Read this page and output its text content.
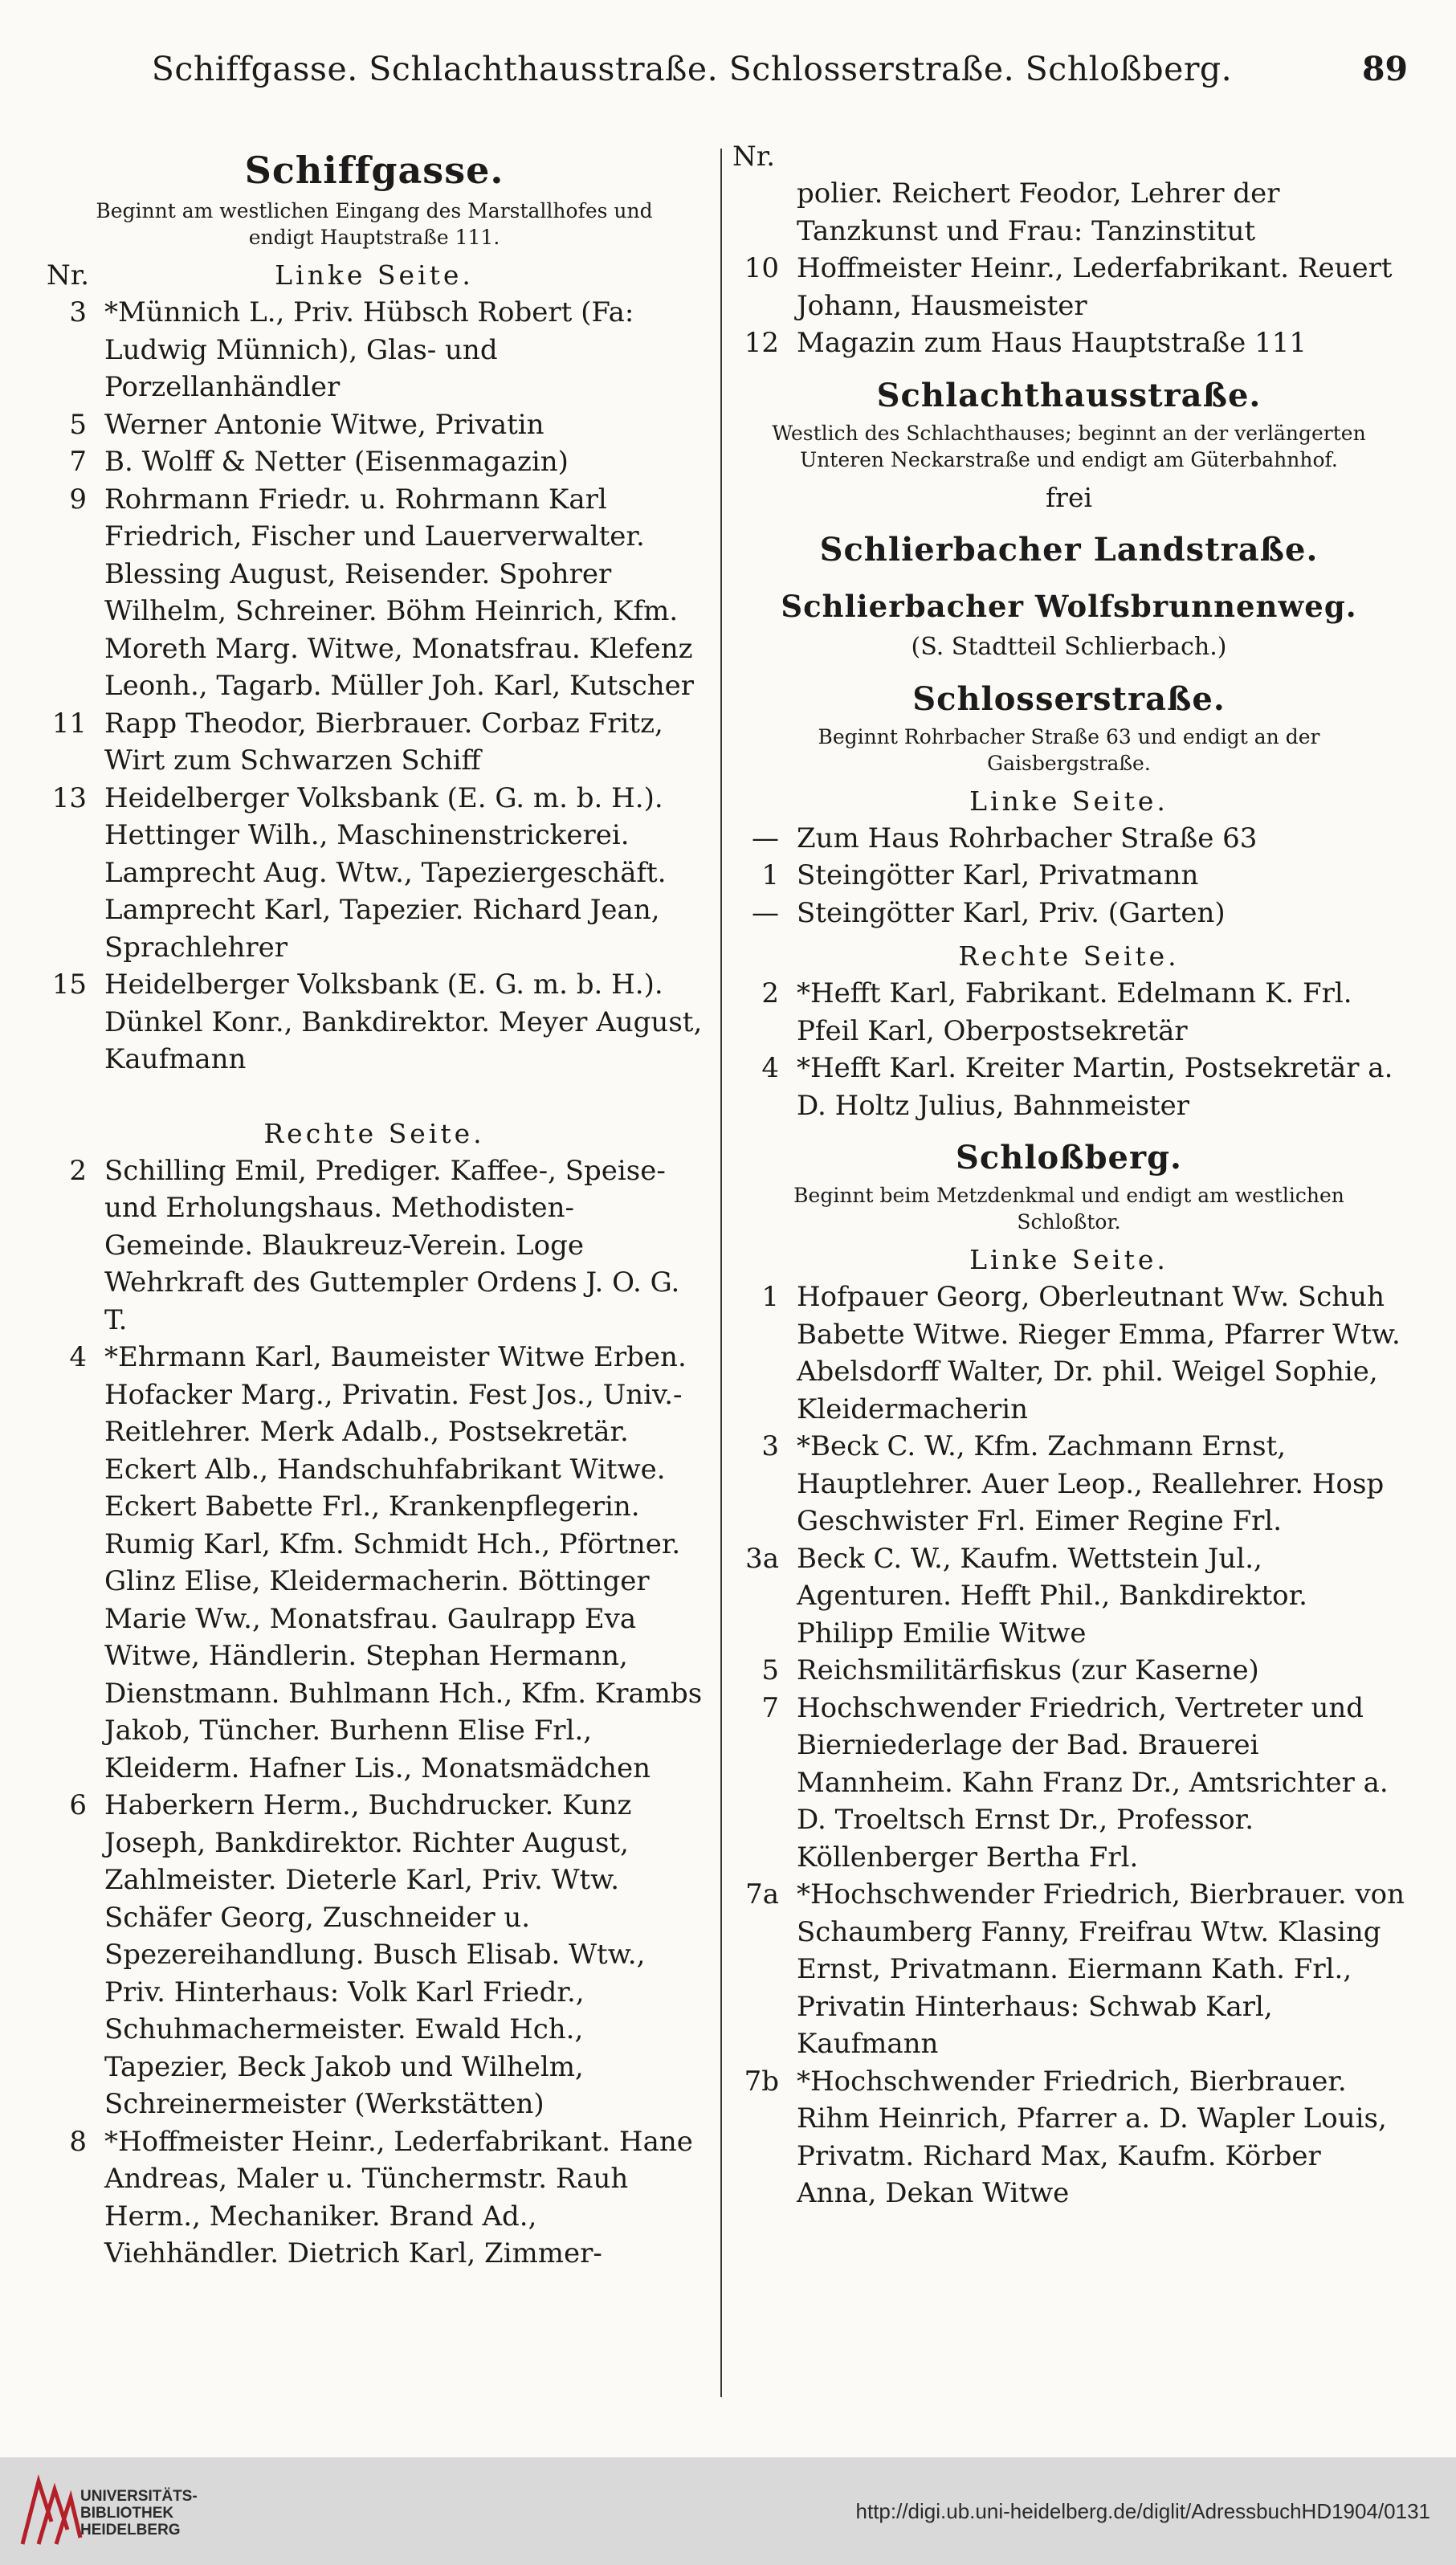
Schiffgasse. Schlachthausstraße. Schlosserstraße. Schloßberg.	89
Schiffgasse.

Beginnt am westlichen Eingang des Marstallhofes und endigt Hauptstraße 111.

Nr.	Linke Seite.
3 *Münnich L., Priv. Hübsch Robert (Fa: Ludwig Münnich), Glas- und Porzellanhändler
5 Werner Antonie Witwe, Privatin
7 B. Wolff & Netter (Eisenmagazin)
9 Rohrmann Friedr. u. Rohrmann Karl Friedrich, Fischer und Lauerverwalter. Blessing August, Reisender. Spohrer Wilhelm, Schreiner. Böhm Heinrich, Kfm. Moreth Marg. Witwe, Monatsfrau. Klefenz Leonh., Tagarb. Müller Joh. Karl, Kutscher
11 Rapp Theodor, Bierbrauer. Corbaz Fritz, Wirt zum Schwarzen Schiff
13 Heidelberger Volksbank (E. G. m. b. H.). Hettinger Wilh., Maschinenstrickerei. Lamprecht Aug. Wtw., Tapeziergeschäft. Lamprecht Karl, Tapezier. Richard Jean, Sprachlehrer
15 Heidelberger Volksbank (E. G. m. b. H.). Dünkel Konr., Bankdirektor. Meyer August, Kaufmann
Rechte Seite.
2 Schilling Emil, Prediger. Kaffee-, Speise- und Erholungshaus. Methodisten-Gemeinde. Blaukreuz-Verein. Loge Wehrkraft des Guttempler Ordens J. O. G. T.
4 *Ehrmann Karl, Baumeister Witwe Erben. Hofacker Marg., Privatin. Fest Jos., Univ.-Reitlehrer. Merk Adalb., Postsekretär. Eckert Alb., Handschuhfabrikant Witwe. Eckert Babette Frl., Krankenpflegerin. Rumig Karl, Kfm. Schmidt Hch., Pförtner. Glinz Elise, Kleidermacherin. Böttinger Marie Ww., Monatsfrau. Gaulrapp Eva Witwe, Händlerin. Stephan Hermann, Dienstmann. Buhlmann Hch., Kfm. Krambs Jakob, Tüncher. Burhenn Elise Frl., Kleiderm. Hafner Lis., Monatsmädchen
6 Haberkern Herm., Buchdrucker. Kunz Joseph, Bankdirektor. Richter August, Zahlmeister. Dieterle Karl, Priv. Wtw. Schäfer Georg, Zuschneider u. Spezereihandlung. Busch Elisab. Wtw., Priv. Hinterhaus: Volk Karl Friedr., Schuhmachermeister. Ewald Hch., Tapezier, Beck Jakob und Wilhelm, Schreinermeister (Werkstätten)
8 *Hoffmeister Heinr., Lederfabrikant. Hane Andreas, Maler u. Tünchermstr. Rauh Herm., Mechaniker. Brand Ad., Viehhändler. Dietrich Karl, Zimmer-
Nr.
polier. Reichert Feodor, Lehrer der Tanzkunst und Frau: Tanzinstitut
10 Hoffmeister Heinr., Lederfabrikant. Reuert Johann, Hausmeister
12 Magazin zum Haus Hauptstraße 111
Schlachthausstraße.

Westlich des Schlachthauses; beginnt an der verlängerten Unteren Neckarstraße und endigt am Güterbahnhof.

frei
Schlierbacher Landstraße.
Schlierbacher Wolfsbrunnenweg.
(S. Stadtteil Schlierbach.)
Schlosserstraße.

Beginnt Rohrbacher Straße 63 und endigt an der Gaisbergstraße.

Linke Seite.
— Zum Haus Rohrbacher Straße 63
1 Steingötter Karl, Privatmann
— Steingötter Karl, Priv. (Garten)
Rechte Seite.
2 *Hefft Karl, Fabrikant. Edelmann K. Frl. Pfeil Karl, Oberpostsekretär
4 *Hefft Karl. Kreiter Martin, Postsekretär a. D. Holtz Julius, Bahnmeister
Schloßberg.

Beginnt beim Metzdenkmal und endigt am westlichen Schloßtor.

Linke Seite.
1 Hofpauer Georg, Oberleutnant Ww. Schuh Babette Witwe. Rieger Emma, Pfarrer Wtw. Abelsdorff Walter, Dr. phil. Weigel Sophie, Kleidermacherin
3 *Beck C. W., Kfm. Zachmann Ernst, Hauptlehrer. Auer Leop., Reallehrer. Hosp Geschwister Frl. Eimer Regine Frl.
3a Beck C. W., Kaufm. Wettstein Jul., Agenturen. Hefft Phil., Bankdirektor. Philipp Emilie Witwe
5 Reichsmilitärfiskus (zur Kaserne)
7 Hochschwender Friedrich, Vertreter und Bierniederlage der Bad. Brauerei Mannheim. Kahn Franz Dr., Amtsrichter a. D. Troeltsch Ernst Dr., Professor. Köllenberger Bertha Frl.
7a *Hochschwender Friedrich, Bierbrauer. von Schaumberg Fanny, Freifrau Wtw. Klasing Ernst, Privatmann. Eiermann Kath. Frl., Privatin Hinterhaus: Schwab Karl, Kaufmann
7b *Hochschwender Friedrich, Bierbrauer. Rihm Heinrich, Pfarrer a. D. Wapler Louis, Privatm. Richard Max, Kaufm. Körber Anna, Dekan Witwe
UNIVERSITÄTS-
BIBLIOTHEK
HEIDELBERG
http://digi.ub.uni-heidelberg.de/diglit/AdressbuchHD1904/0131
